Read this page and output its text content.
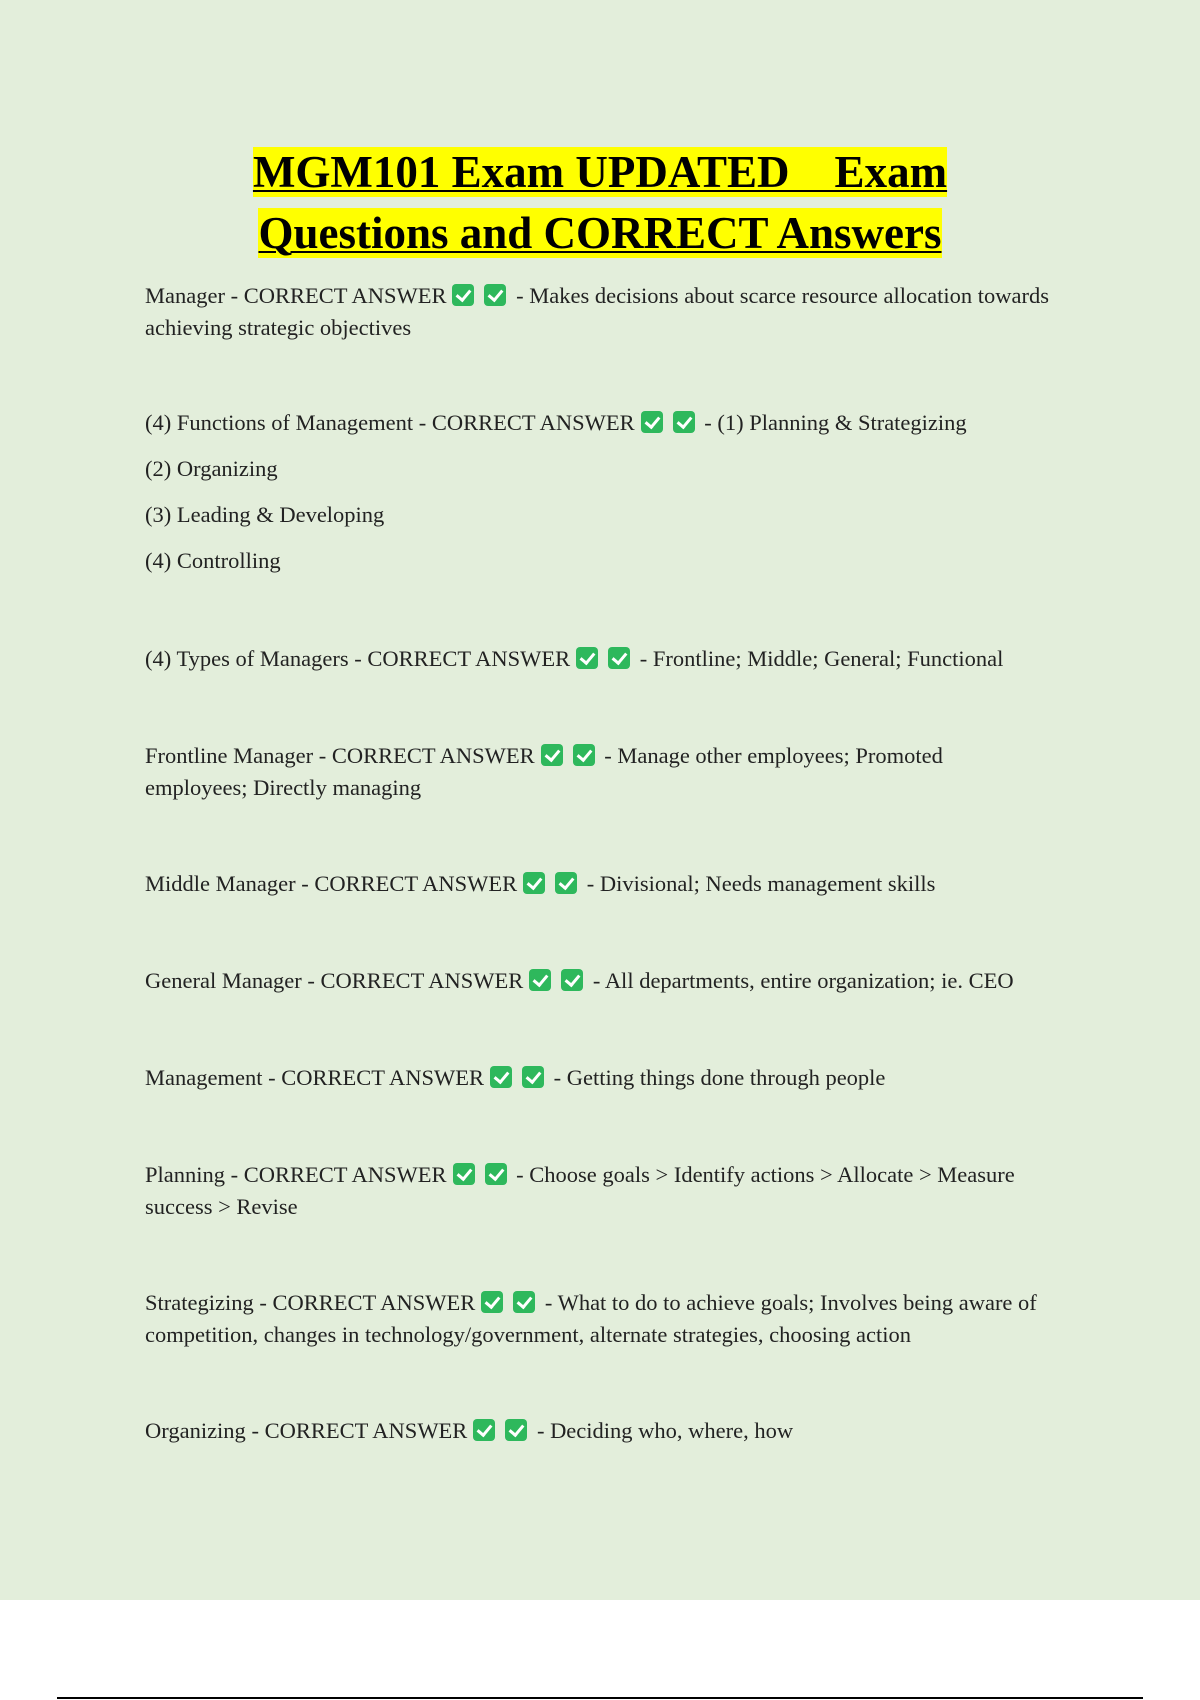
MGM101 Exam UPDATED    Exam
Questions and CORRECT Answers

Manager - CORRECT ANSWER	- Makes decisions about scarce resource allocation towards achieving strategic objectives

(4) Functions of Management - CORRECT ANSWER	- (1) Planning & Strategizing

(2) Organizing

(3) Leading & Developing

(4) Controlling

(4) Types of Managers - CORRECT ANSWER	- Frontline; Middle; General; Functional

Frontline Manager - CORRECT ANSWER	- Manage other employees; Promoted employees; Directly managing

Middle Manager - CORRECT ANSWER	- Divisional; Needs management skills

General Manager - CORRECT ANSWER	- All departments, entire organization; ie. CEO

Management - CORRECT ANSWER	- Getting things done through people

Planning - CORRECT ANSWER	- Choose goals > Identify actions > Allocate > Measure success > Revise

Strategizing - CORRECT ANSWER	- What to do to achieve goals; Involves being aware of competition, changes in technology/government, alternate strategies, choosing action

Organizing - CORRECT ANSWER	- Deciding who, where, how
